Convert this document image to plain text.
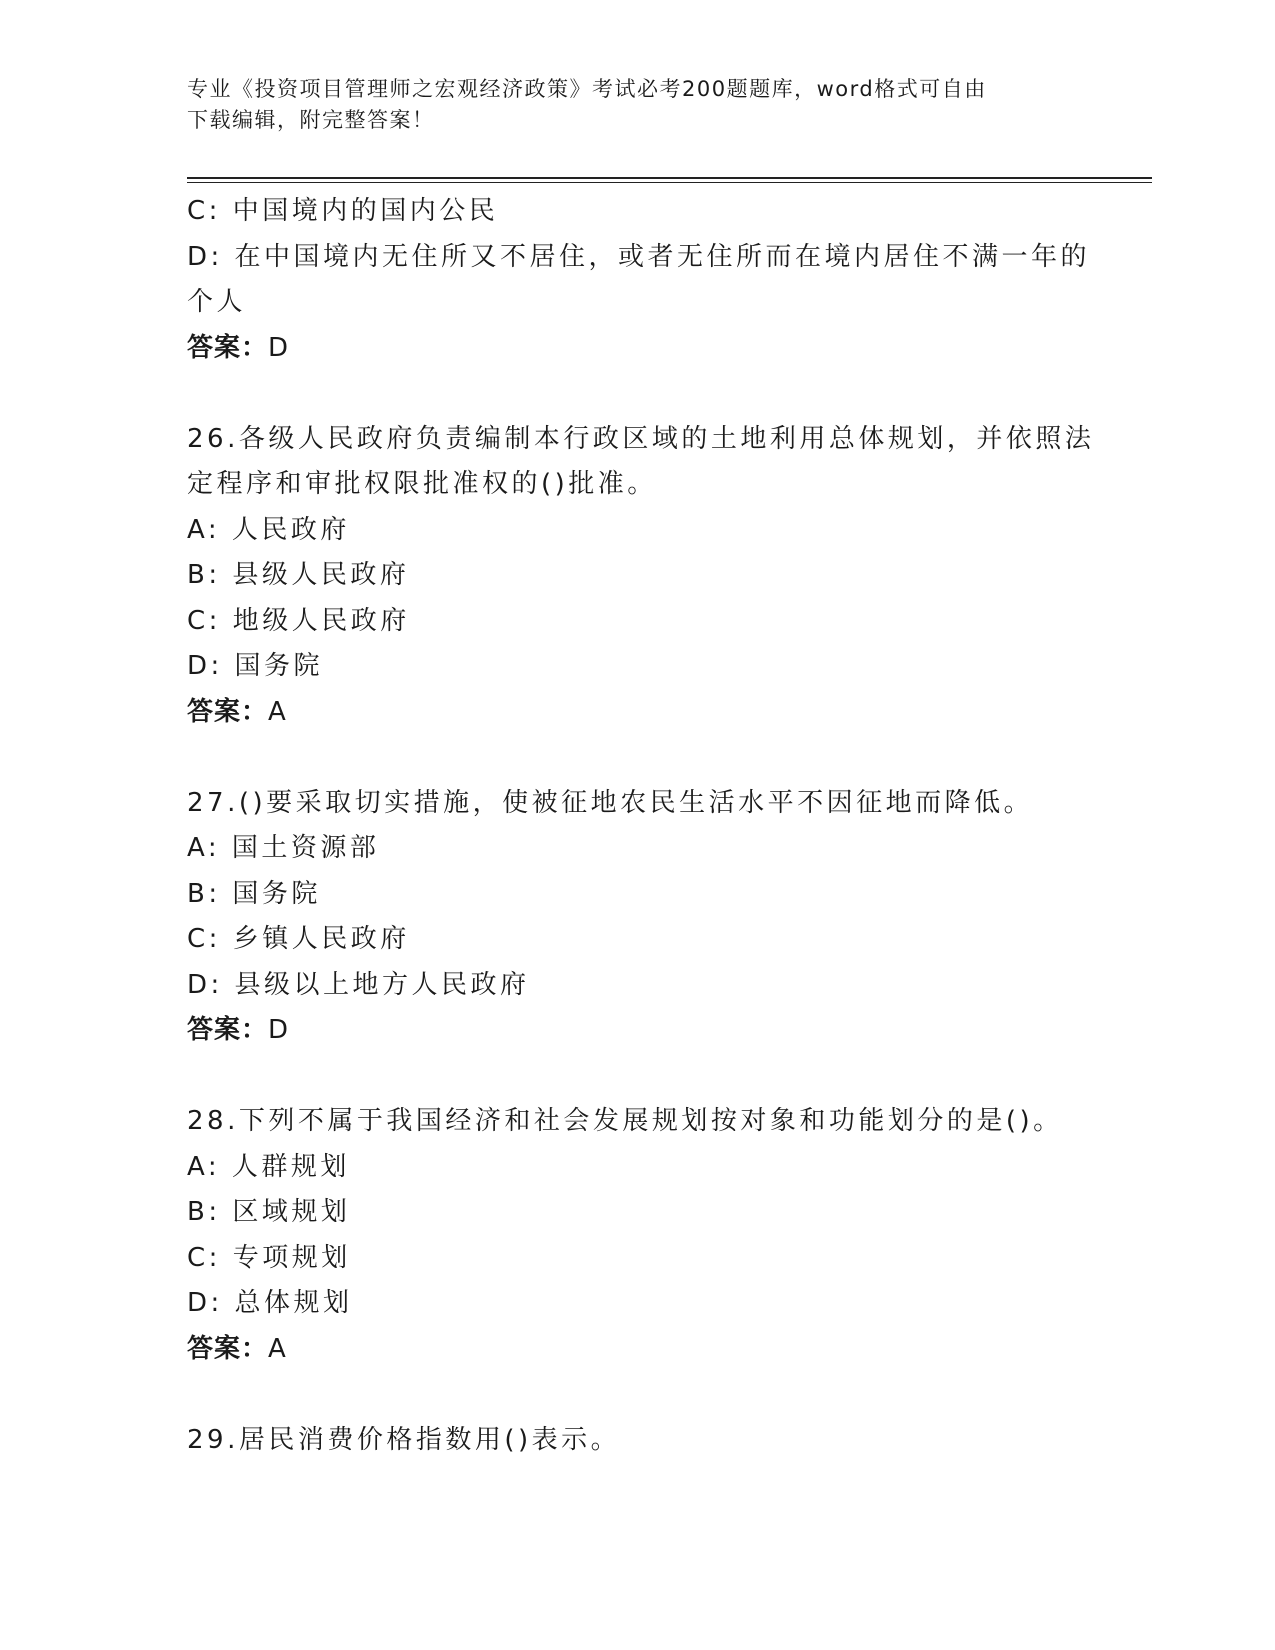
专业《投资项目管理师之宏观经济政策》考试必考200题题库，word格式可自由
下载编辑，附完整答案！
C: 中国境内的国内公民
D: 在中国境内无住所又不居住，或者无住所而在境内居住不满一年的
个人
答案：D
26.各级人民政府负责编制本行政区域的土地利用总体规划，并依照法
定程序和审批权限批准权的()批准。
A: 人民政府
B: 县级人民政府
C: 地级人民政府
D: 国务院
答案：A
27.()要采取切实措施，使被征地农民生活水平不因征地而降低。
A: 国土资源部
B: 国务院
C: 乡镇人民政府
D: 县级以上地方人民政府
答案：D
28.下列不属于我国经济和社会发展规划按对象和功能划分的是()。
A: 人群规划
B: 区域规划
C: 专项规划
D: 总体规划
答案：A
29.居民消费价格指数用()表示。
